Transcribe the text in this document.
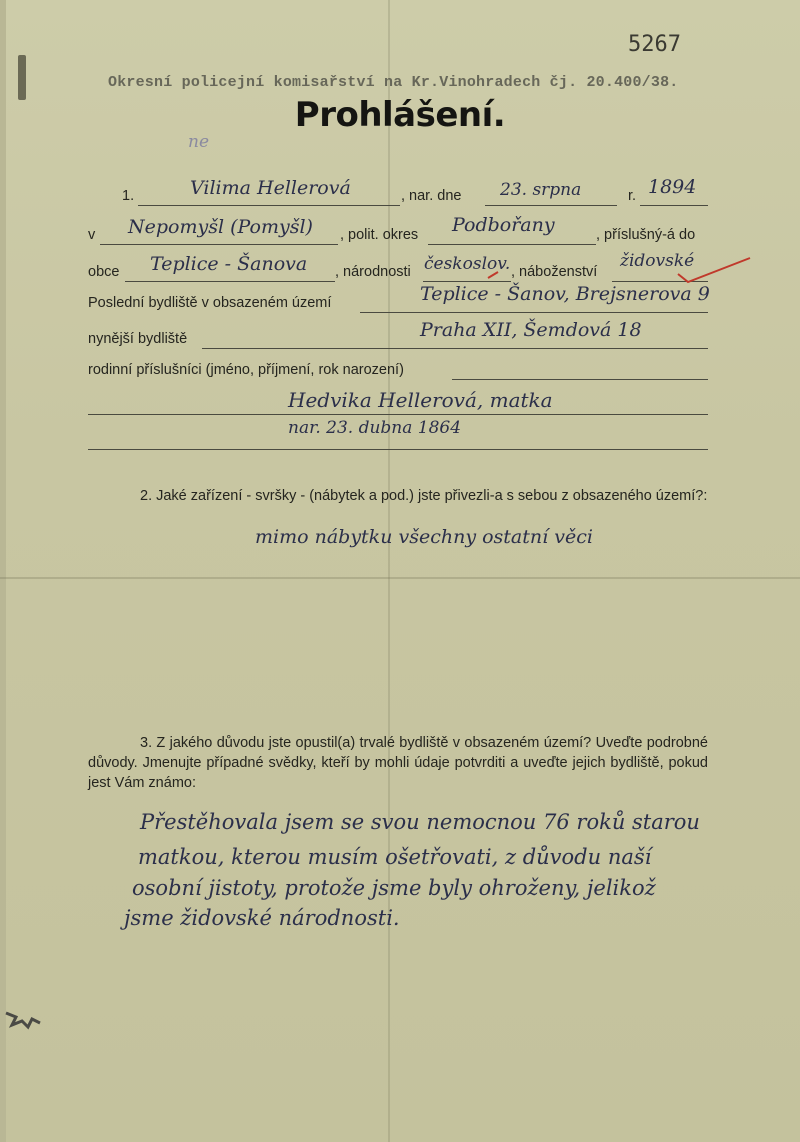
5267
Okresní policejní komisařství na Kr.Vinohradech čj. 20.400/38.
Prohlášení.
ne
1.	Vilima Hellerová	, nar. dne 23. srpna	r. 1894
v Nepomyšl (Pomyšl) , polit. okres Podbořany	, příslušný-á do
obce Teplice - Šanova , národnosti českoslov. , náboženství
židovské
Poslední bydliště v obsazeném území	Teplice - Šanov, Brejsnerova 9
nynější bydliště	Praha XII, Šemdová 18
rodinní příslušníci (jméno, příjmení, rok narození)
Hedvika Hellerová, matka
nar. 23. dubna 1864
2. Jaké zařízení - svršky - (nábytek a pod.) jste přivezli-a s sebou z obsazeného území?:
mimo nábytku všechny ostatní věci
3. Z jakého důvodu jste opustil(a) trvalé bydliště v obsazeném území? Uveďte podrobné důvody. Jmenujte případné svědky, kteří by mohli údaje potvrditi a uveďte jejich bydliště, pokud jest Vám známo:
Přestěhovala jsem se svou nemocnou 76 roků starou
matkou, kterou musím ošetřovati, z důvodu naší
osobní jistoty, protože jsme byly ohroženy, jelikož
jsme židovské národnosti.
